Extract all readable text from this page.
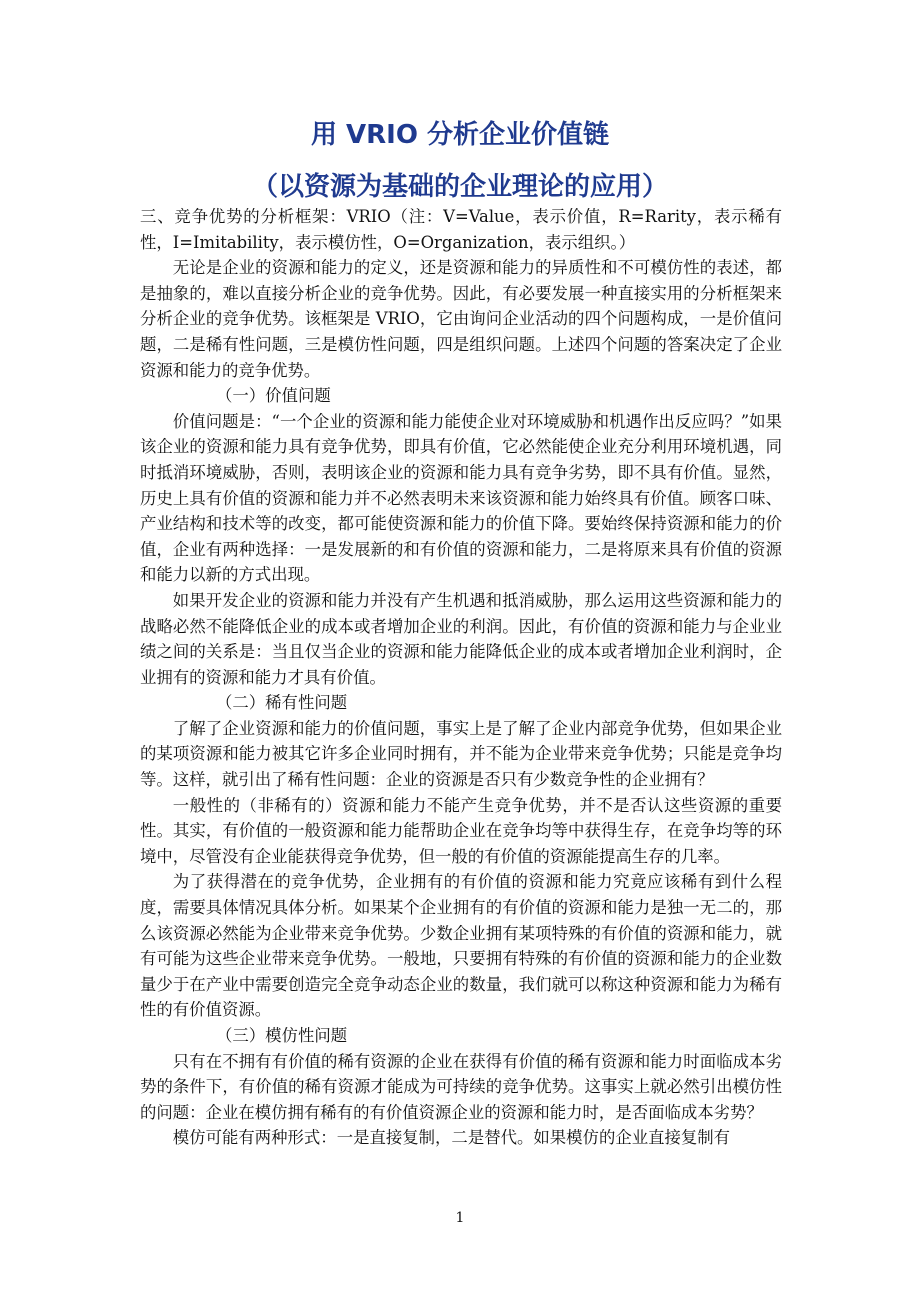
用 VRIO 分析企业价值链
（以资源为基础的企业理论的应用）

三、竞争优势的分析框架：VRIO（注：V=Value，表示价值，R=Rarity，表示稀有性，I=Imitability，表示模仿性，O=Organization，表示组织。）

无论是企业的资源和能力的定义，还是资源和能力的异质性和不可模仿性的表述，都是抽象的，难以直接分析企业的竞争优势。因此，有必要发展一种直接实用的分析框架来分析企业的竞争优势。该框架是 VRIO，它由询问企业活动的四个问题构成，一是价值问题，二是稀有性问题，三是模仿性问题，四是组织问题。上述四个问题的答案决定了企业资源和能力的竞争优势。

（一）价值问题

价值问题是：“一个企业的资源和能力能使企业对环境威胁和机遇作出反应吗？”如果该企业的资源和能力具有竞争优势，即具有价值，它必然能使企业充分利用环境机遇，同时抵消环境威胁，否则，表明该企业的资源和能力具有竞争劣势，即不具有价值。显然，历史上具有价值的资源和能力并不必然表明未来该资源和能力始终具有价值。顾客口味、产业结构和技术等的改变，都可能使资源和能力的价值下降。要始终保持资源和能力的价值，企业有两种选择：一是发展新的和有价值的资源和能力，二是将原来具有价值的资源和能力以新的方式出现。

如果开发企业的资源和能力并没有产生机遇和抵消威胁，那么运用这些资源和能力的战略必然不能降低企业的成本或者增加企业的利润。因此，有价值的资源和能力与企业业绩之间的关系是：当且仅当企业的资源和能力能降低企业的成本或者增加企业利润时，企业拥有的资源和能力才具有价值。

（二）稀有性问题

了解了企业资源和能力的价值问题，事实上是了解了企业内部竞争优势，但如果企业的某项资源和能力被其它许多企业同时拥有，并不能为企业带来竞争优势；只能是竞争均等。这样，就引出了稀有性问题：企业的资源是否只有少数竞争性的企业拥有？

一般性的（非稀有的）资源和能力不能产生竞争优势，并不是否认这些资源的重要性。其实，有价值的一般资源和能力能帮助企业在竞争均等中获得生存，在竞争均等的环境中，尽管没有企业能获得竞争优势，但一般的有价值的资源能提高生存的几率。

为了获得潜在的竞争优势，企业拥有的有价值的资源和能力究竟应该稀有到什么程度，需要具体情况具体分析。如果某个企业拥有的有价值的资源和能力是独一无二的，那么该资源必然能为企业带来竞争优势。少数企业拥有某项特殊的有价值的资源和能力，就有可能为这些企业带来竞争优势。一般地，只要拥有特殊的有价值的资源和能力的企业数量少于在产业中需要创造完全竞争动态企业的数量，我们就可以称这种资源和能力为稀有性的有价值资源。

（三）模仿性问题

只有在不拥有有价值的稀有资源的企业在获得有价值的稀有资源和能力时面临成本劣势的条件下，有价值的稀有资源才能成为可持续的竞争优势。这事实上就必然引出模仿性的问题：企业在模仿拥有稀有的有价值资源企业的资源和能力时，是否面临成本劣势？

模仿可能有两种形式：一是直接复制，二是替代。如果模仿的企业直接复制有

1
